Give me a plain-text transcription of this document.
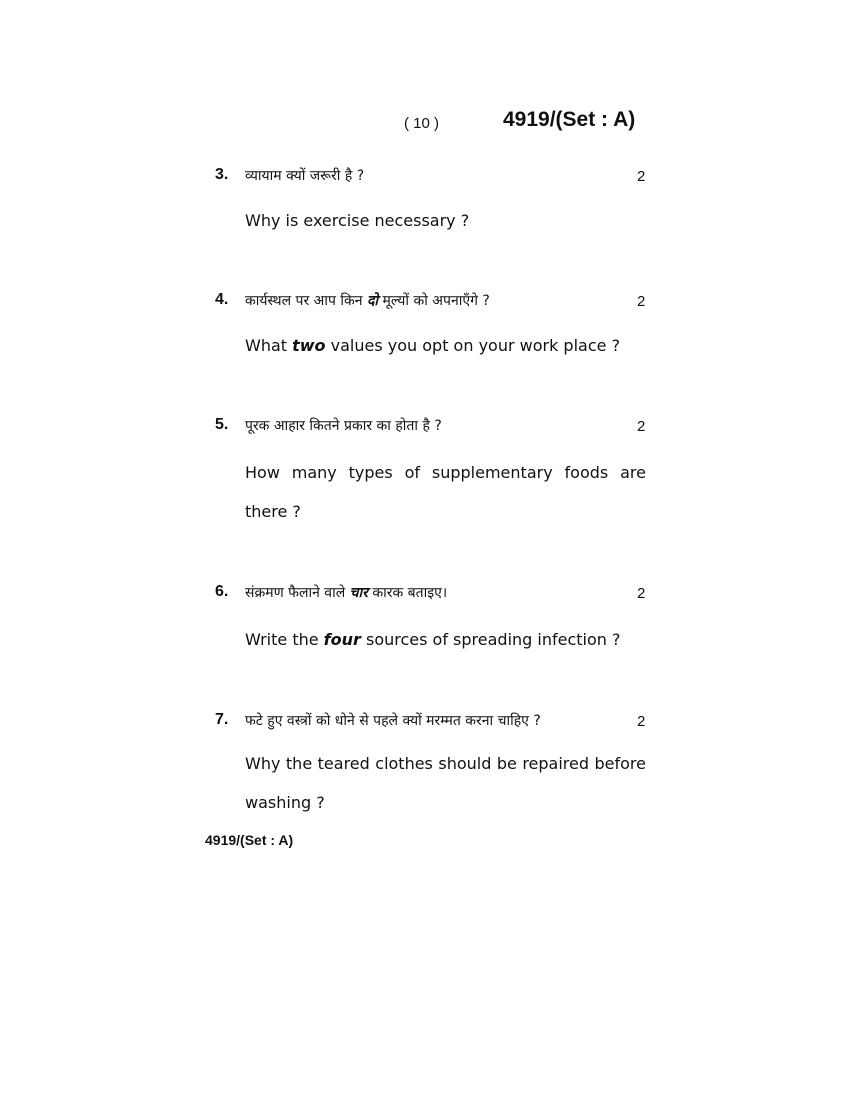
( 10 )	4919/(Set : A)
3. व्यायाम क्यों जरूरी है ?	2
Why is exercise necessary ?
4. कार्यस्थल पर आप किन दो मूल्यों को अपनाएँगे ?	2
What two values you opt on your work place ?
5. पूरक आहार कितने प्रकार का होता है ?	2
How many types of supplementary foods are there ?
6. संक्रमण फैलाने वाले चार कारक बताइए।	2
Write the four sources of spreading infection ?
7. फटे हुए वस्त्रों को धोने से पहले क्यों मरम्मत करना चाहिए ?	2
Why the teared clothes should be repaired before washing ?
4919/(Set : A)
